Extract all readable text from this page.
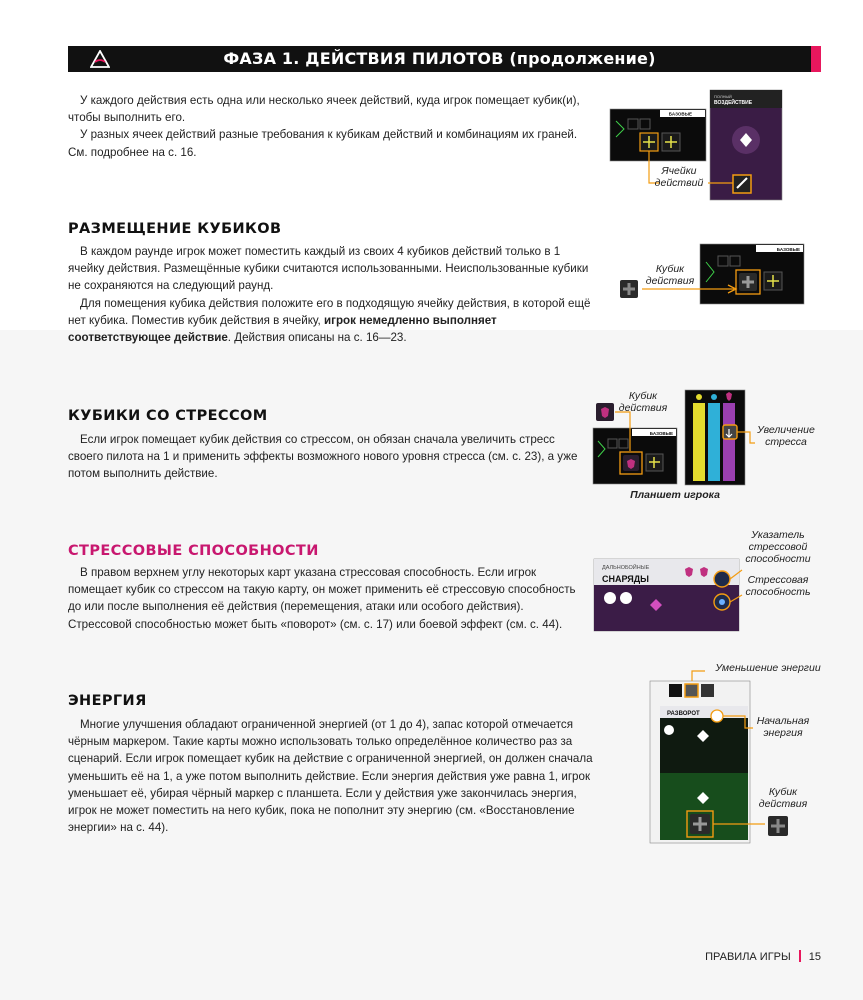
ФАЗА 1. ДЕЙСТВИЯ ПИЛОТОВ (продолжение)

У каждого действия есть одна или несколько ячеек действий, куда игрок помещает кубик(и), чтобы выполнить его.

У разных ячеек действий разные требования к кубикам действий и комбинациям их граней. См. подробнее на с. 16.

БАЗОВЫЕ
ПОЛНЫЙ
ВОЗДЕЙСТВИЕ
Ячейки действий
РАЗМЕЩЕНИЕ КУБИКОВ

В каждом раунде игрок может поместить каждый из своих 4 кубиков действий только в 1 ячейку действия. Размещённые кубики считаются использованными. Неиспользованные кубики не сохраняются на следующий раунд.

Для помещения кубика действия положите его в подходящую ячейку действия, в которой ещё нет кубика. Поместив кубик действия в ячейку, игрок немедленно выполняет соответствующее действие. Действия описаны на с. 16—23.

БАЗОВЫЕ
Кубик действия
КУБИКИ СО СТРЕССОМ

Если игрок помещает кубик действия со стрессом, он обязан сначала увеличить стресс своего пилота на 1 и применить эффекты возможного нового уровня стресса (см. с. 23), а уже потом выполнить действие.

БАЗОВЫЕ
Кубик действия
Увеличение стресса
Планшет игрока
СТРЕССОВЫЕ СПОСОБНОСТИ

В правом верхнем углу некоторых карт указана стрессовая способность. Если игрок помещает кубик со стрессом на такую карту, он может применить её стрессовую способность до или после выполнения её действия (перемещения, атаки или особого действия). Стрессовой способностью может быть «поворот» (см. с. 17) или боевой эффект (см. с. 44).

ДАЛЬНОБОЙНЫЕ
СНАРЯДЫ
Указатель стрессовой способности
Стрессовая способность
ЭНЕРГИЯ

Многие улучшения обладают ограниченной энергией (от 1 до 4), запас которой отмечается чёрным маркером. Такие карты можно использовать только определённое количество раз за сценарий. Если игрок помещает кубик на действие с ограниченной энергией, он должен сначала уменьшить её на 1, а уже потом выполнить действие. Если энергия действия уже равна 1, игрок уменьшает её, убирая чёрный маркер с планшета. Если у действия уже закончилась энергия, игрок не может поместить на него кубик, пока не пополнит эту энергию (см. «Восстановление энергии» на с. 44).

РАЗВОРОТ
Уменьшение энергии
Начальная энергия
Кубик действия
ПРАВИЛА ИГРЫ 15
